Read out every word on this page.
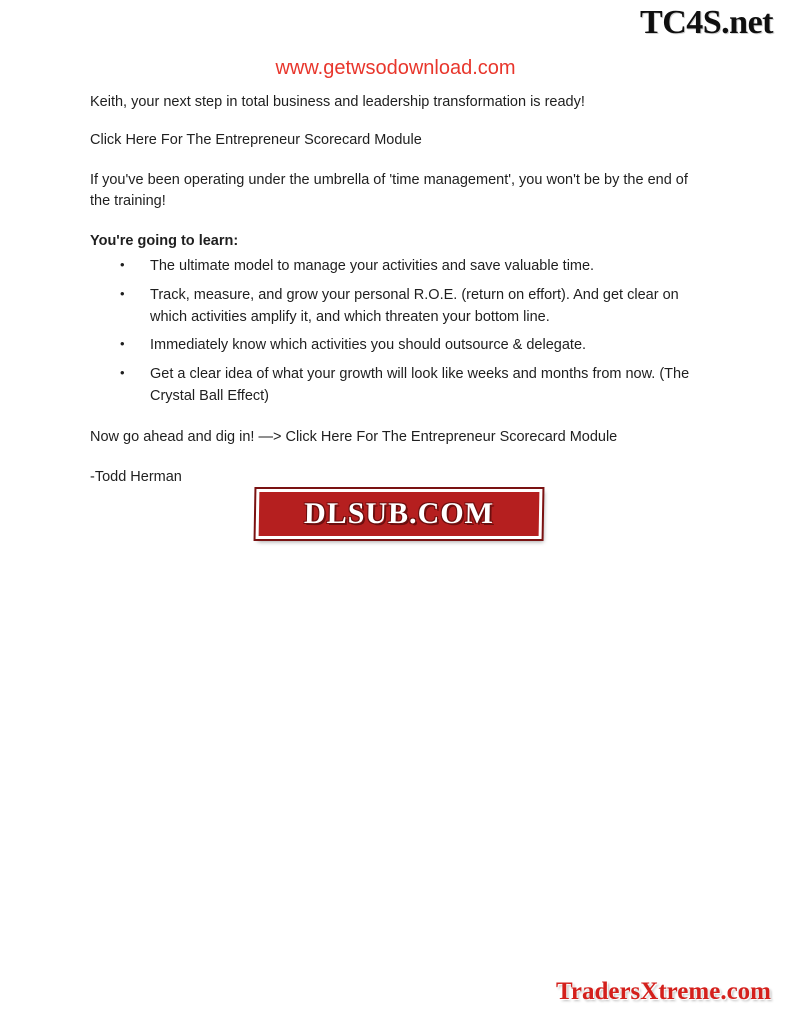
TC4S.net
www.getwsodownload.com

Keith, your next step in total business and leadership transformation is ready!

Click Here For The Entrepreneur Scorecard Module

If you've been operating under the umbrella of 'time management', you won't be by the end of the training!

You're going to learn:

• The ultimate model to manage your activities and save valuable time.
• Track, measure, and grow your personal R.O.E. (return on effort). And get clear on which activities amplify it, and which threaten your bottom line.
• Immediately know which activities you should outsource & delegate.
• Get a clear idea of what your growth will look like weeks and months from now. (The Crystal Ball Effect)

Now go ahead and dig in! —> Click Here For The Entrepreneur Scorecard Module

-Todd Herman

DLSUB.COM
TradersXtreme.com
